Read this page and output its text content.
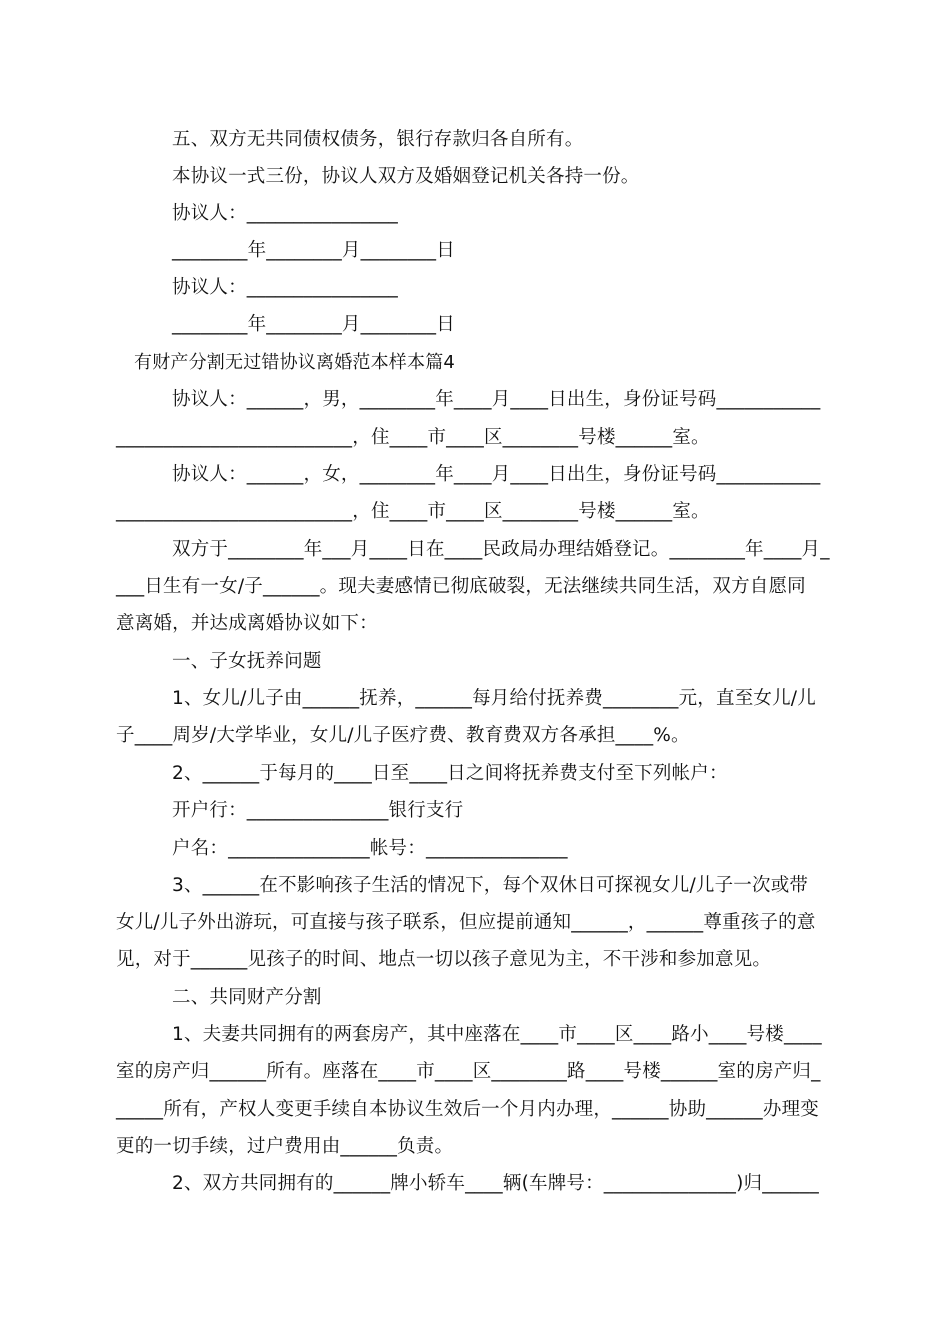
五、双方无共同债权债务，银行存款归各自所有。
本协议一式三份，协议人双方及婚姻登记机关各持一份。
协议人：________________
________年________月________日
协议人：________________
________年________月________日
有财产分割无过错协议离婚范本样本篇4
协议人：______，男，________年____月____日出生，身份证号码___________
_________________________，住____市____区________号楼______室。
协议人：______，女，________年____月____日出生，身份证号码___________
_________________________，住____市____区________号楼______室。
双方于________年___月____日在____民政局办理结婚登记。________年____月_
___日生有一女/子______。现夫妻感情已彻底破裂，无法继续共同生活，双方自愿同
意离婚，并达成离婚协议如下：
一、子女抚养问题
1、女儿/儿子由______抚养，______每月给付抚养费________元，直至女儿/儿
子____周岁/大学毕业，女儿/儿子医疗费、教育费双方各承担____%。
2、______于每月的____日至____日之间将抚养费支付至下列帐户：
开户行：_______________银行支行
户名：_______________帐号：_______________
3、______在不影响孩子生活的情况下，每个双休日可探视女儿/儿子一次或带
女儿/儿子外出游玩，可直接与孩子联系，但应提前通知______，______尊重孩子的意
见，对于______见孩子的时间、地点一切以孩子意见为主，不干涉和参加意见。
二、共同财产分割
1、夫妻共同拥有的两套房产，其中座落在____市____区____路小____号楼____
室的房产归______所有。座落在____市____区________路____号楼______室的房产归_
_____所有，产权人变更手续自本协议生效后一个月内办理，______协助______办理变
更的一切手续，过户费用由______负责。
2、双方共同拥有的______牌小轿车____辆(车牌号：______________)归______
